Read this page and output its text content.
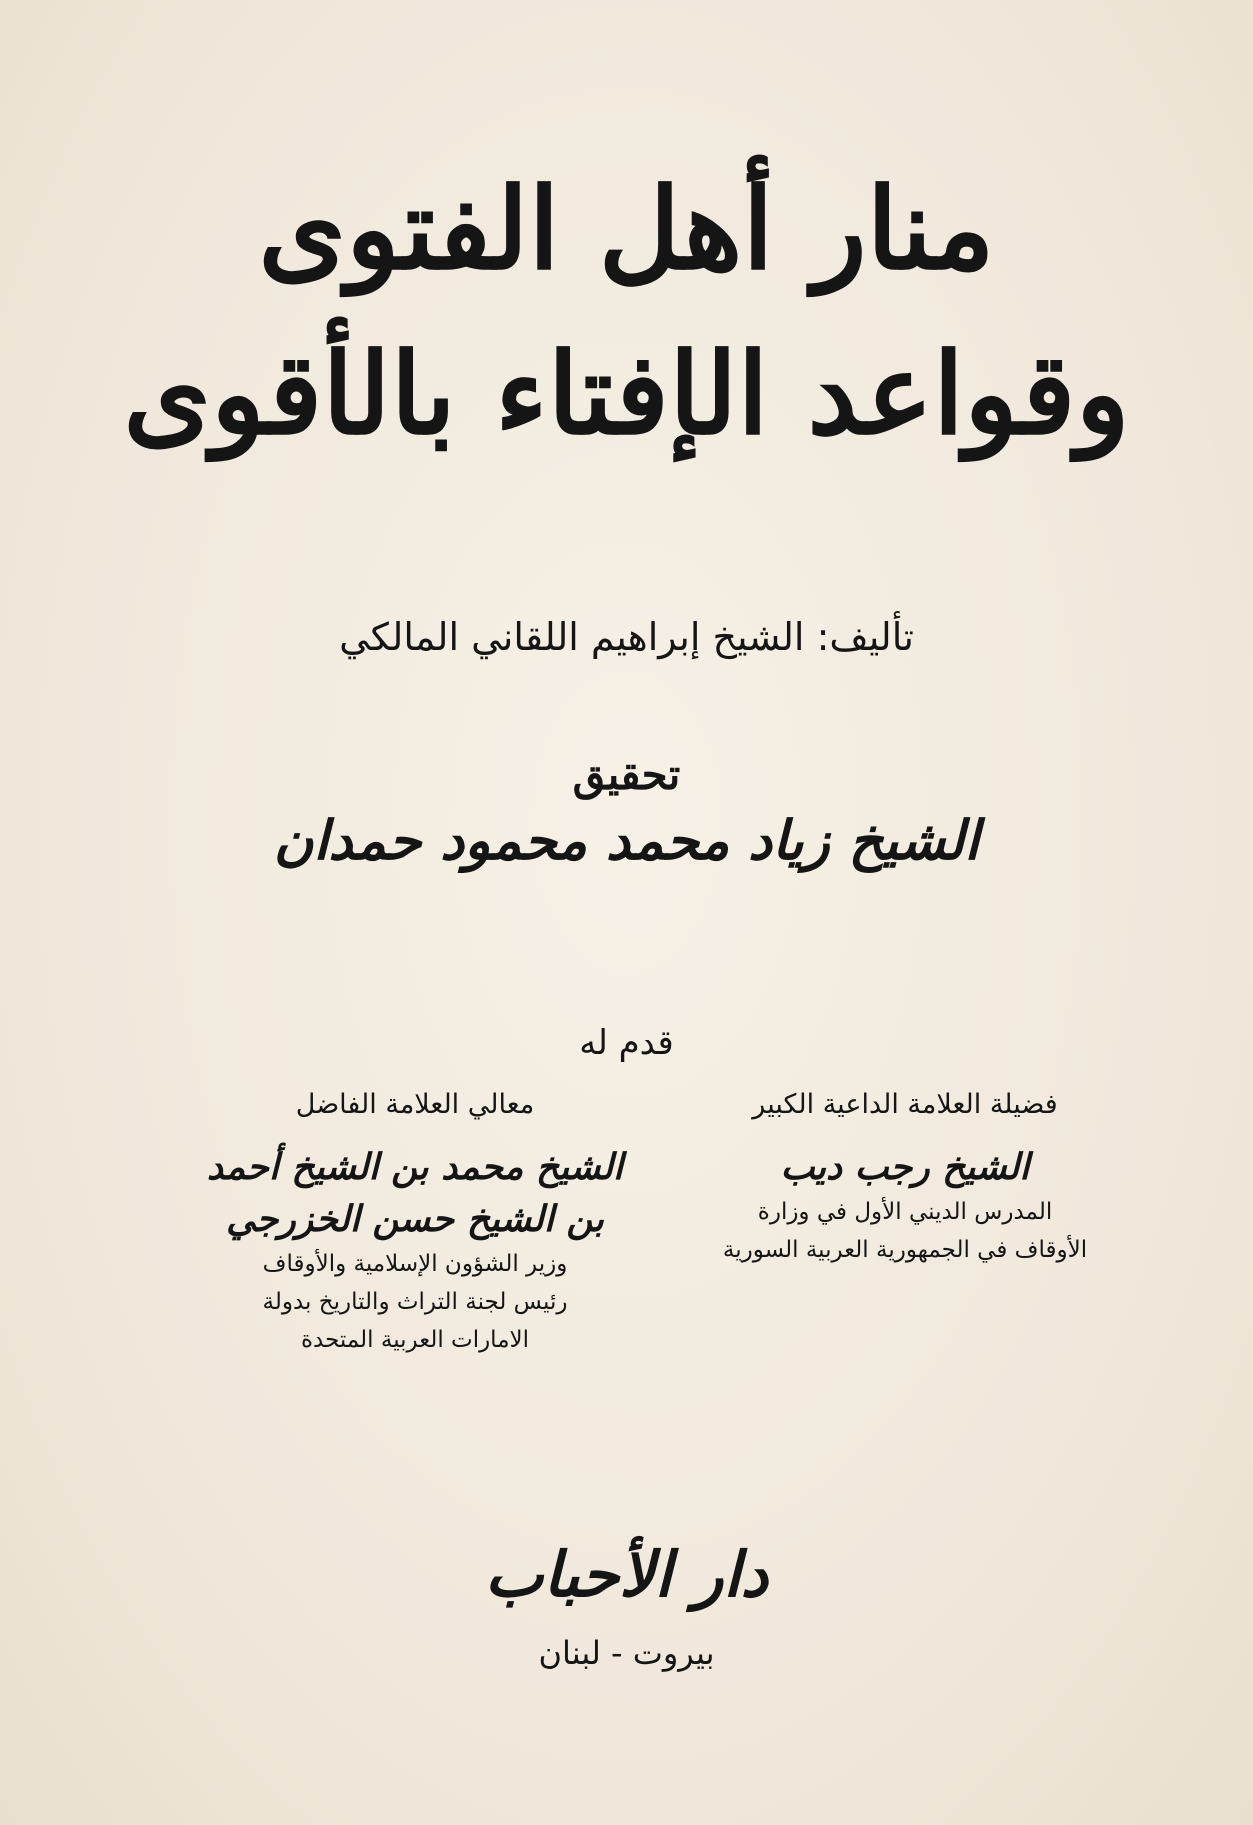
منار أهل الفتوى
وقواعد الإفتاء بالأقوى
تأليف: الشيخ إبراهيم اللقاني المالكي
تحقيق
الشيخ زياد محمد محمود حمدان
قدم له
فضيلة العلامة الداعية الكبير
الشيخ رجب ديب
المدرس الديني الأول في وزارة
الأوقاف في الجمهورية العربية السورية
معالي العلامة الفاضل
الشيخ محمد بن الشيخ أحمد
بن الشيخ حسن الخزرجي
وزير الشؤون الإسلامية والأوقاف
رئيس لجنة التراث والتاريخ بدولة
الامارات العربية المتحدة
دار الأحباب
بيروت - لبنان
